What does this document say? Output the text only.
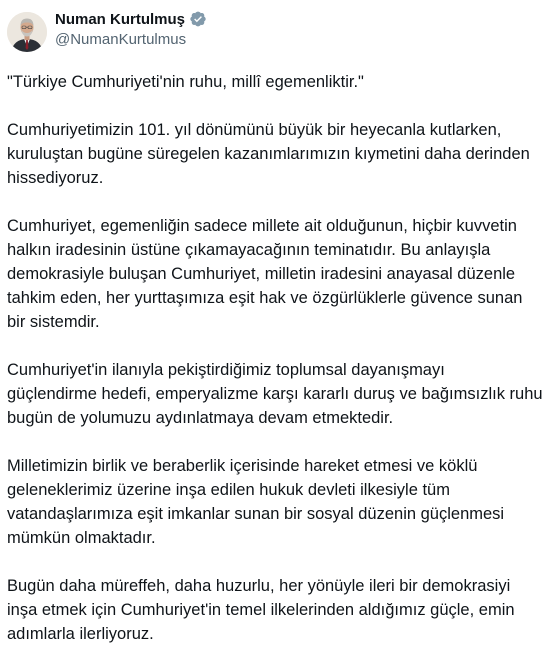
Numan Kurtulmuş
@NumanKurtulmus
"Türkiye Cumhuriyeti'nin ruhu, millî egemenliktir."
Cumhuriyetimizin 101. yıl dönümünü büyük bir heyecanla kutlarken,
kuruluştan bugüne süregelen kazanımlarımızın kıymetini daha derinden
hissediyoruz.
Cumhuriyet, egemenliğin sadece millete ait olduğunun, hiçbir kuvvetin
halkın iradesinin üstüne çıkamayacağının teminatıdır. Bu anlayışla
demokrasiyle buluşan Cumhuriyet, milletin iradesini anayasal düzenle
tahkim eden, her yurttaşımıza eşit hak ve özgürlüklerle güvence sunan
bir sistemdir.
Cumhuriyet'in ilanıyla pekiştirdiğimiz toplumsal dayanışmayı
güçlendirme hedefi, emperyalizme karşı kararlı duruş ve bağımsızlık ruhu
bugün de yolumuzu aydınlatmaya devam etmektedir.
Milletimizin birlik ve beraberlik içerisinde hareket etmesi ve köklü
geleneklerimiz üzerine inşa edilen hukuk devleti ilkesiyle tüm
vatandaşlarımıza eşit imkanlar sunan bir sosyal düzenin güçlenmesi
mümkün olmaktadır.
Bugün daha müreffeh, daha huzurlu, her yönüyle ileri bir demokrasiyi
inşa etmek için Cumhuriyet'in temel ilkelerinden aldığımız güçle, emin
adımlarla ilerliyoruz.
